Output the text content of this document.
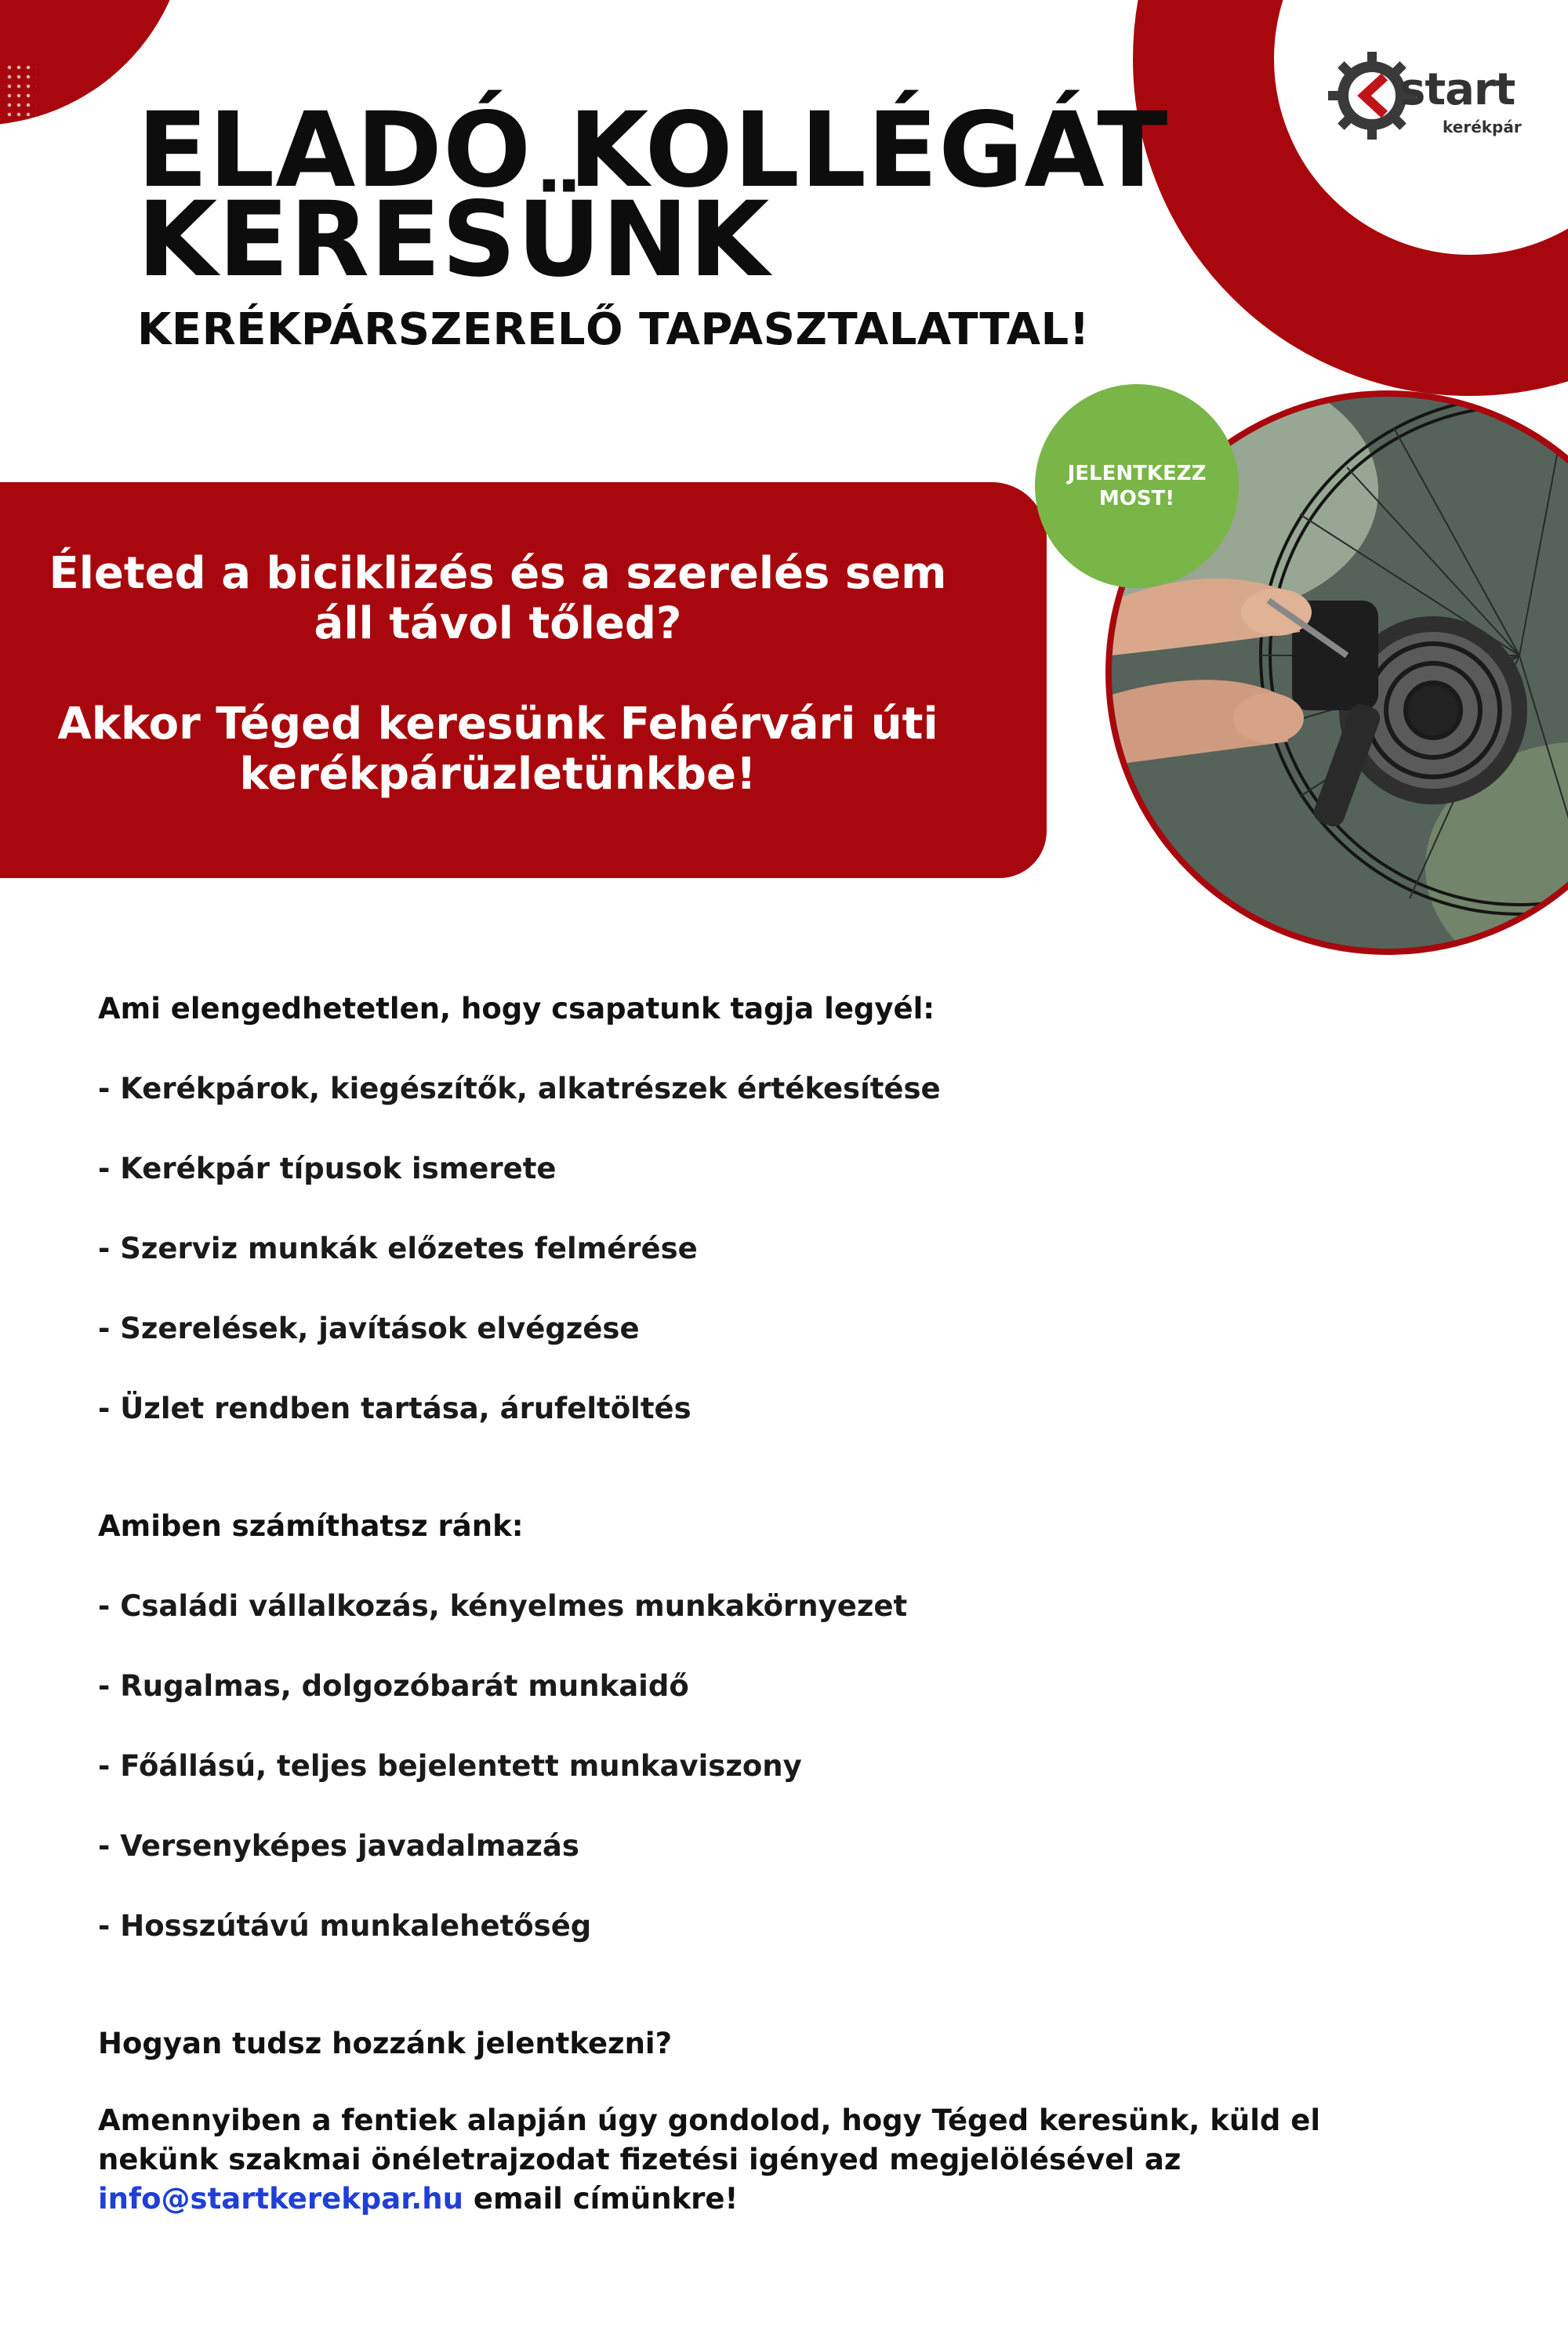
start
kerékpár
ELADÓ KOLLÉGÁT
KERESÜNK
KERÉKPÁRSZERELŐ TAPASZTALATTAL!

Életed a biciklizés és a szerelés sem

áll távol tőled?

Akkor Téged keresünk Fehérvári úti

kerékpárüzletünkbe!

JELENTKEZZ
MOST!

Ami elengedhetetlen, hogy csapatunk tagja legyél:

- Kerékpárok, kiegészítők, alkatrészek értékesítése

- Kerékpár típusok ismerete

- Szerviz munkák előzetes felmérése

- Szerelések, javítások elvégzése

- Üzlet rendben tartása, árufeltöltés

Amiben számíthatsz ránk:

- Családi vállalkozás, kényelmes munkakörnyezet

- Rugalmas, dolgozóbarát munkaidő

- Főállású, teljes bejelentett munkaviszony

- Versenyképes javadalmazás

- Hosszútávú munkalehetőség

Hogyan tudsz hozzánk jelentkezni?

Amennyiben a fentiek alapján úgy gondolod, hogy Téged keresünk, küld el
nekünk szakmai önéletrajzodat fizetési igényed megjelölésével az
info@startkerekpar.hu email címünkre!
